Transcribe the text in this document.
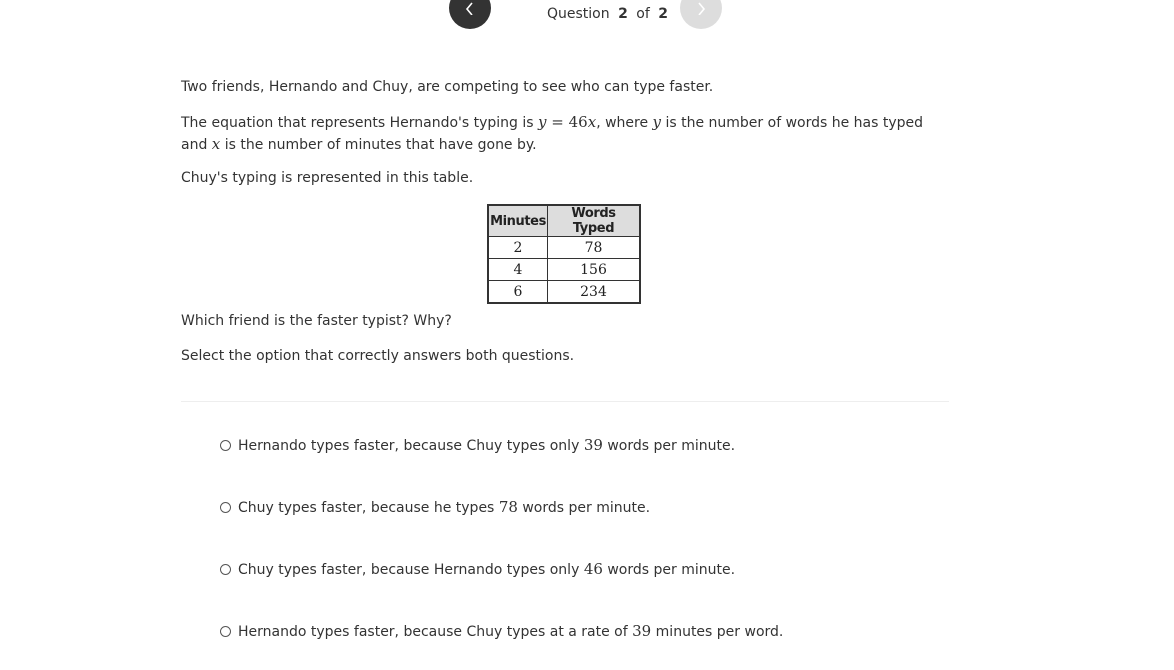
Question 2 of 2

Two friends, Hernando and Chuy, are competing to see who can type faster.

The equation that represents Hernando's typing is y = 46x, where y is the number of words he has typed and x is the number of minutes that have gone by.

Chuy's typing is represented in this table.

Which friend is the faster typist? Why?

Select the option that correctly answers both questions.

Minutes	Words Typed
2	78
4	156
6	234
Hernando types faster, because Chuy types only 39 words per minute.
Chuy types faster, because he types 78 words per minute.
Chuy types faster, because Hernando types only 46 words per minute.
Hernando types faster, because Chuy types at a rate of 39 minutes per word.
